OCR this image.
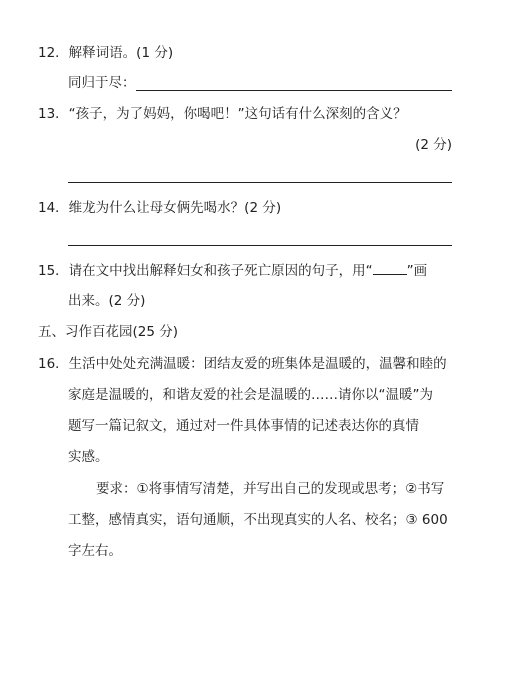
12．解释词语。(1 分)
同归于尽：
13．“孩子，为了妈妈，你喝吧！”这句话有什么深刻的含义？
(2 分)
14．维龙为什么让母女俩先喝水？(2 分)
15．请在文中找出解释妇女和孩子死亡原因的句子，用“	”画
出来。(2 分)
五、习作百花园(25 分)
16．生活中处处充满温暖：团结友爱的班集体是温暖的，温馨和睦的
家庭是温暖的，和谐友爱的社会是温暖的……请你以“温暖”为
题写一篇记叙文，通过对一件具体事情的记述表达你的真情
实感。
要求：①将事情写清楚，并写出自己的发现或思考；②书写
工整，感情真实，语句通顺，不出现真实的人名、校名；③ 600
字左右。
